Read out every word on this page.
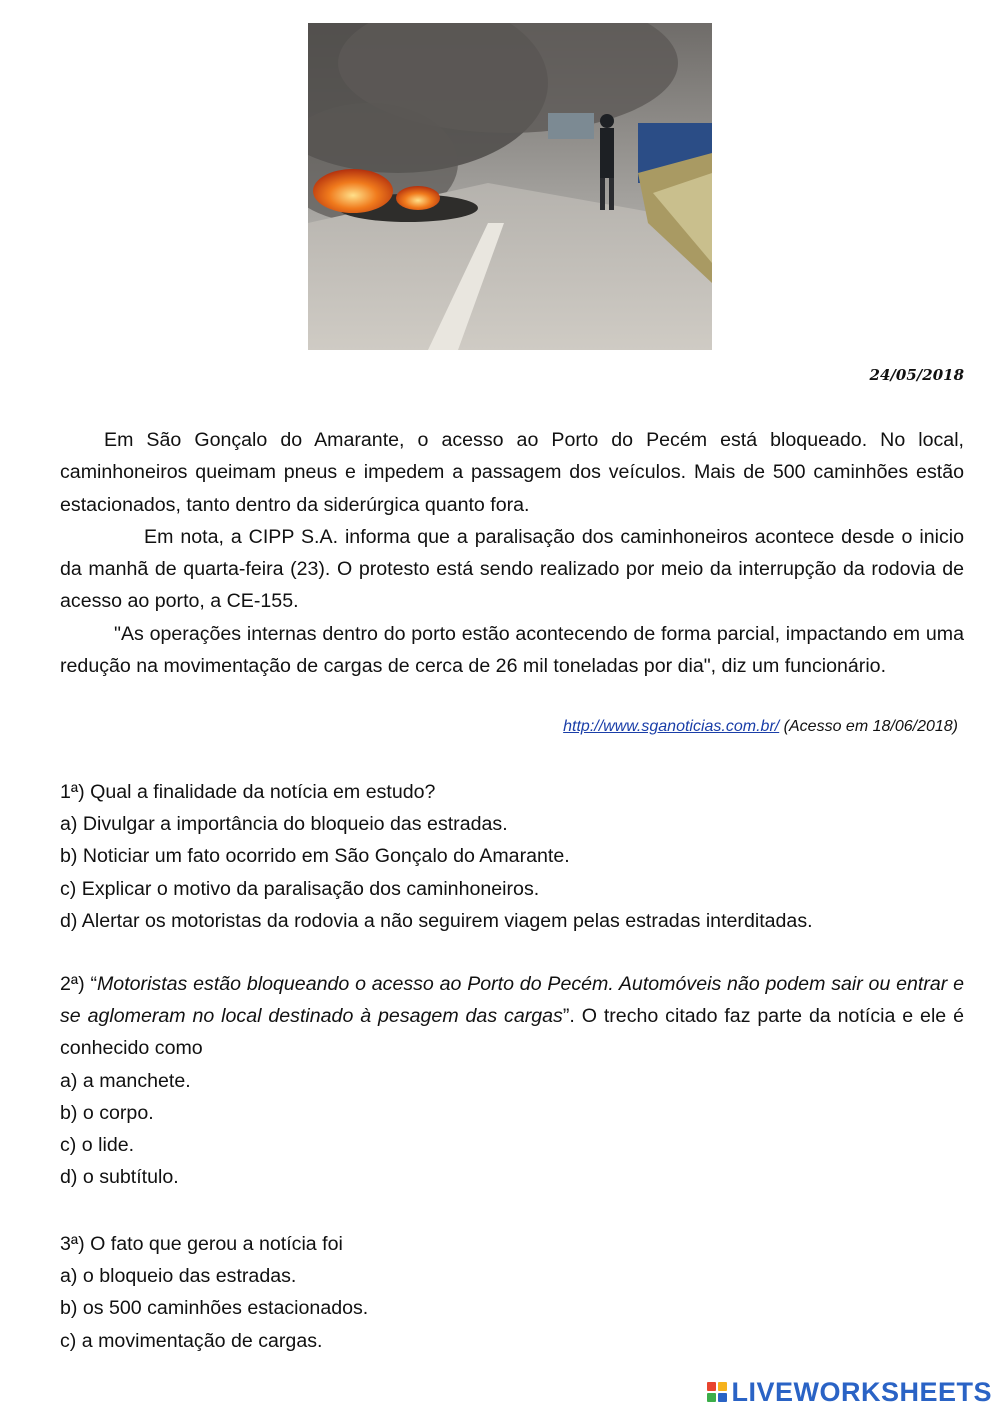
24/05/2018

Em São Gonçalo do Amarante, o acesso ao Porto do Pecém está bloqueado. No local, caminhoneiros queimam pneus e impedem a passagem dos veículos. Mais de 500 caminhões estão estacionados, tanto dentro da siderúrgica quanto fora.

Em nota, a CIPP S.A. informa que a paralisação dos caminhoneiros acontece desde o inicio da manhã de quarta-feira (23). O protesto está sendo realizado por meio da interrupção da rodovia de acesso ao porto, a CE-155.

"As operações internas dentro do porto estão acontecendo de forma parcial, impactando em uma redução na movimentação de cargas de cerca de 26 mil toneladas por dia", diz um funcionário.

http://www.sganoticias.com.br/ (Acesso em 18/06/2018)
1ª) Qual a finalidade da notícia em estudo?
a) Divulgar a importância do bloqueio das estradas.
b) Noticiar um fato ocorrido em São Gonçalo do Amarante.
c) Explicar o motivo da paralisação dos caminhoneiros.
d) Alertar os motoristas da rodovia a não seguirem viagem pelas estradas interditadas.
2ª) “Motoristas estão bloqueando o acesso ao Porto do Pecém. Automóveis não podem sair ou entrar e se aglomeram no local destinado à pesagem das cargas”. O trecho citado faz parte da notícia e ele é conhecido como
a) a manchete.
b) o corpo.
c) o lide.
d) o subtítulo.
3ª) O fato que gerou a notícia foi
a) o bloqueio das estradas.
b) os 500 caminhões estacionados.
c) a movimentação de cargas.
LIVEWORKSHEETS
